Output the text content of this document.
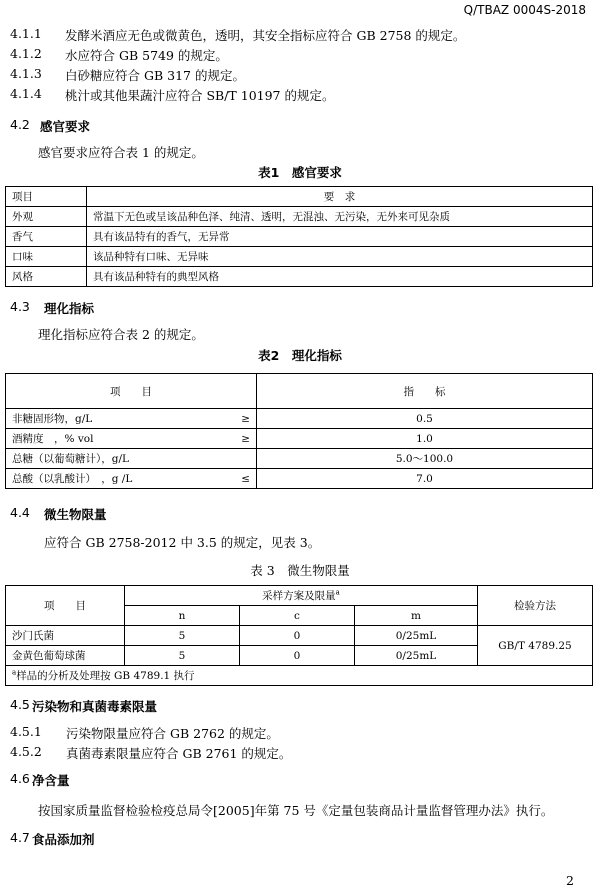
Q/TBAZ 0004S-2018
4.1.1 发酵米酒应无色或微黄色，透明，其安全指标应符合 GB 2758 的规定。
4.1.2 水应符合 GB 5749 的规定。
4.1.3 白砂糖应符合 GB 317 的规定。
4.1.4 桃汁或其他果蔬汁应符合 SB/T 10197 的规定。
4.2 感官要求
感官要求应符合表 1 的规定。
表1　感官要求
项目	要　求
外观	常温下无色或呈该品种色泽、纯清、透明，无混浊、无污染，无外来可见杂质
香气	具有该品特有的香气，无异常
口味	该品种特有口味、无异味
风格	具有该品种特有的典型风格
4.3 理化指标
理化指标应符合表 2 的规定。
表2　理化指标
项　　目		指　　标
非糖固形物，g/L	≥	0.5
酒精度　，% vol	≥	1.0
总糖（以葡萄糖计），g/L		5.0～100.0
总酸（以乳酸计）　，g /L	≤	7.0
4.4 微生物限量
应符合 GB 2758-2012 中 3.5 的规定，见表 3。
表 3　微生物限量
项　　目	采样方案及限量$^a$			检验方法
	n	c	m	
沙门氏菌	5	0	0/25mL	GB/T 4789.25
金黄色葡萄球菌	5	0	0/25mL	
$^a$样品的分析及处理按 GB 4789.1 执行				
4.5 污染物和真菌毒素限量
4.5.1 污染物限量应符合 GB 2762 的规定。
4.5.2 真菌毒素限量应符合 GB 2761 的规定。
4.6 净含量
按国家质量监督检验检疫总局令[2005]年第 75 号《定量包装商品计量监督管理办法》执行。
4.7 食品添加剂
2
